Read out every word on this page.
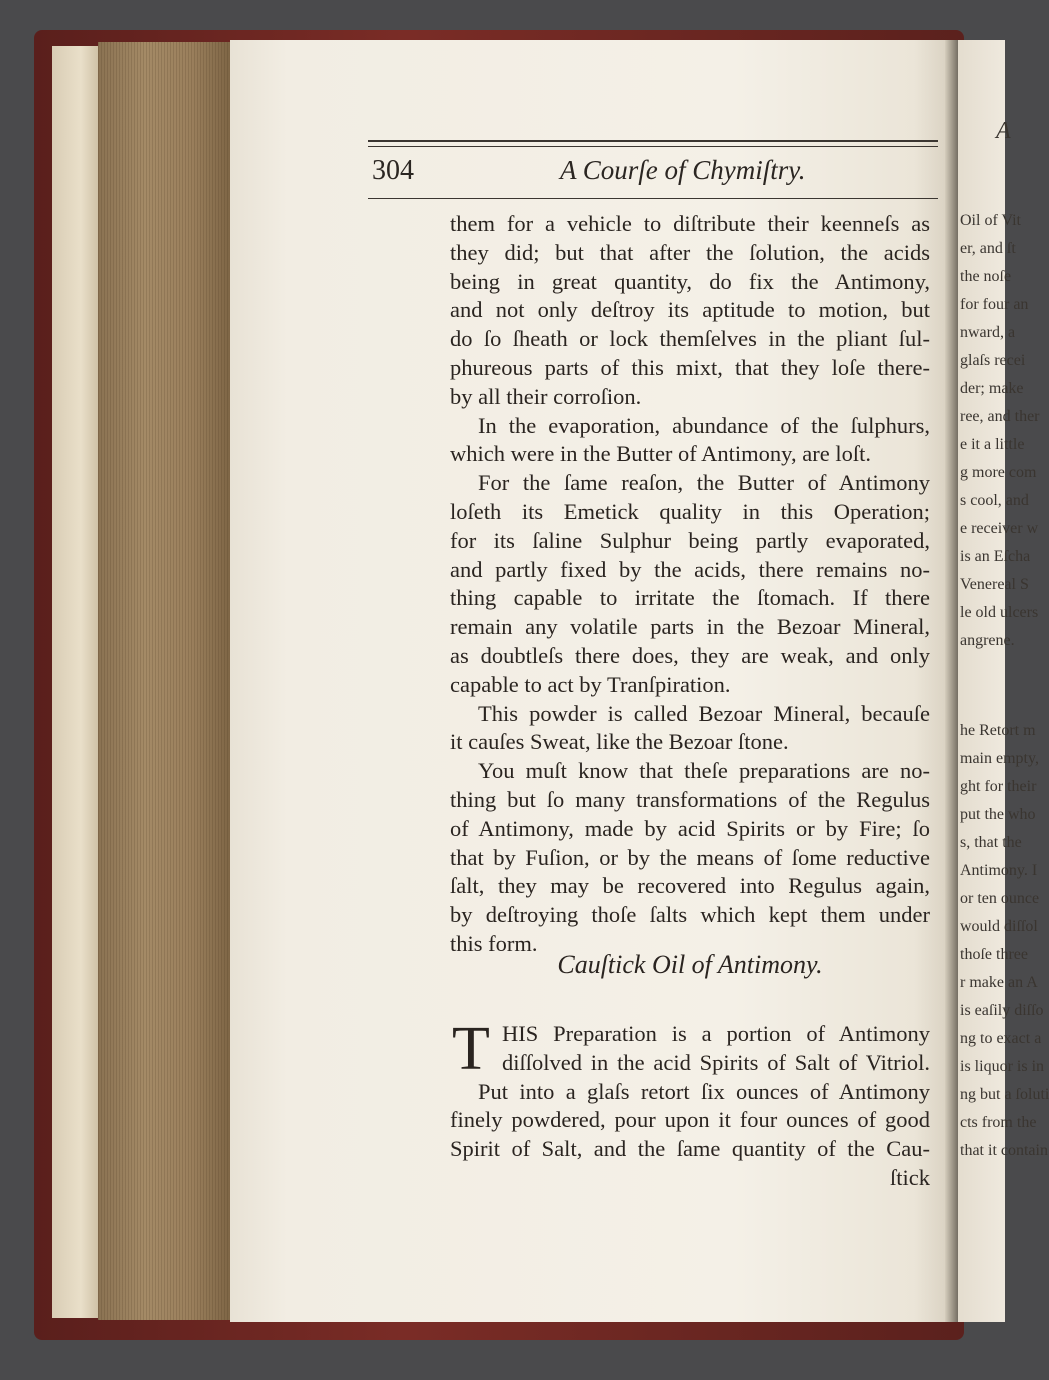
A
Oil of Vit
er, and ſt
the noſe
for four an
nward, a
glaſs recei
der; make
ree, and ther
e it a little
g more com
s cool, and
e receiver w
is an Eſcha
Venereal S
le old ulcers
angrene.
he Retort m
main empty,
ght for their
put the who
s, that the
Antimony. I
or ten ounce
would diſſol
thoſe three
r make an A
is eaſily diſſo
ng to exact a
is liquor is in
ng but a ſoluti
cts from the
that it contain
304	A Courſe of Chymiſtry.
them for a vehicle to diſtribute their keenneſs as
they did; but that after the ſolution, the acids
being in great quantity, do fix the Antimony,
and not only deſtroy its aptitude to motion, but
do ſo ſheath or lock themſelves in the pliant ſul-
phureous parts of this mixt, that they loſe there-
by all their corroſion.
In the evaporation, abundance of the ſulphurs,
which were in the Butter of Antimony, are loſt.
For the ſame reaſon, the Butter of Antimony
loſeth its Emetick quality in this Operation;
for its ſaline Sulphur being partly evaporated,
and partly fixed by the acids, there remains no-
thing capable to irritate the ſtomach. If there
remain any volatile parts in the Bezoar Mineral,
as doubtleſs there does, they are weak, and only
capable to act by Tranſpiration.
This powder is called Bezoar Mineral, becauſe
it cauſes Sweat, like the Bezoar ſtone.
You muſt know that theſe preparations are no-
thing but ſo many transformations of the Regulus
of Antimony, made by acid Spirits or by Fire; ſo
that by Fuſion, or by the means of ſome reductive
ſalt, they may be recovered into Regulus again,
by deſtroying thoſe ſalts which kept them under
this form.
Cauſtick Oil of Antimony.
T HIS Preparation is a portion of Antimony
diſſolved in the acid Spirits of Salt of Vitriol.
Put into a glaſs retort ſix ounces of Antimony
finely powdered, pour upon it four ounces of good
Spirit of Salt, and the ſame quantity of the Cau-
ſtick
